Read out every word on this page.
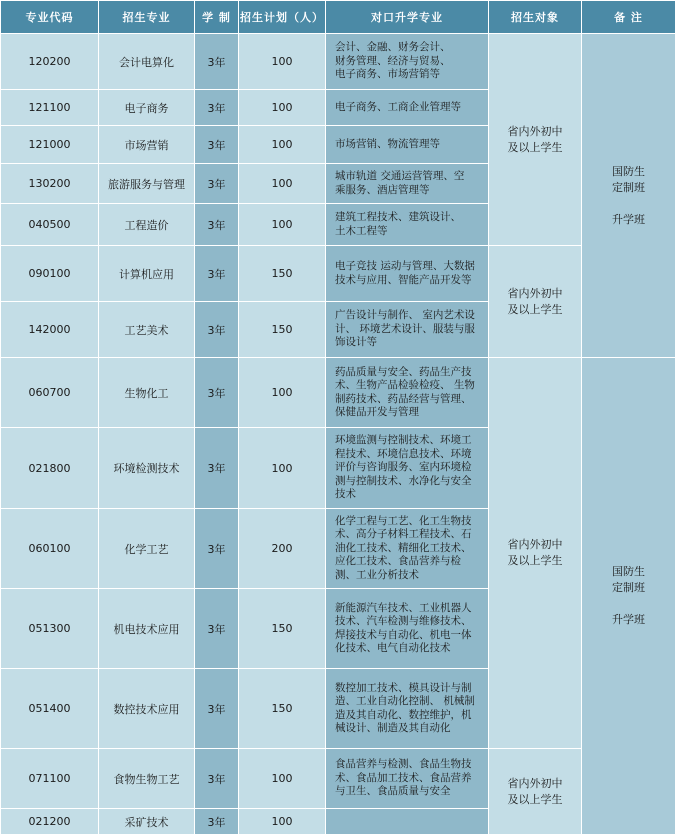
专业代码	招生专业	学 制	招生计划（人）	对口升学专业	招生对象	备 注
120200	会计电算化	3年	100	会计、金融、财务会计、
财务管理、经济与贸易、
电子商务、市场营销等	省内外初中
及以上学生	国防生
定制班

升学班
121100	电子商务	3年	100	电子商务、工商企业管理等		
121000	市场营销	3年	100	市场营销、物流管理等		
130200	旅游服务与管理	3年	100	城市轨道 交通运营管理、空
乘服务、酒店管理等		
040500	工程造价	3年	100	建筑工程技术、建筑设计、
土木工程等		
090100	计算机应用	3年	150	电子竞技 运动与管理、大数据
技术与应用、智能产品开发等	省内外初中
及以上学生	
142000	工艺美术	3年	150	广告设计与制作、 室内艺术设
计、 环境艺术设计、服装与服
饰设计等		
060700	生物化工	3年	100	药品质量与安全、药品生产技
术、生物产品检验检疫、 生物
制药技术、药品经营与管理、
保健品开发与管理	省内外初中
及以上学生	国防生
定制班

升学班
021800	环境检测技术	3年	100	环境监测与控制技术、环境工
程技术、环境信息技术、环境
评价与咨询服务、室内环境检
测与控制技术、水净化与安全
技术		
060100	化学工艺	3年	200	化学工程与工艺、化工生物技
术、高分子材料工程技术、石
油化工技术、精细化工技术、
应化工技术、食品营养与检
测、工业分析技术		
051300	机电技术应用	3年	150	新能源汽车技术、工业机器人
技术、汽车检测与维修技术、
焊接技术与自动化、机电一体
化技术、电气自动化技术		
051400	数控技术应用	3年	150	数控加工技术、模具设计与制
造、工业自动化控制、 机械制
造及其自动化、数控维护，机
械设计、制造及其自动化		
071100	食物生物工艺	3年	100	食品营养与检测、食品生物技
术、食品加工技术、食品营养
与卫生、食品质量与安全	省内外初中
及以上学生	
021200	采矿技术	3年	100			
